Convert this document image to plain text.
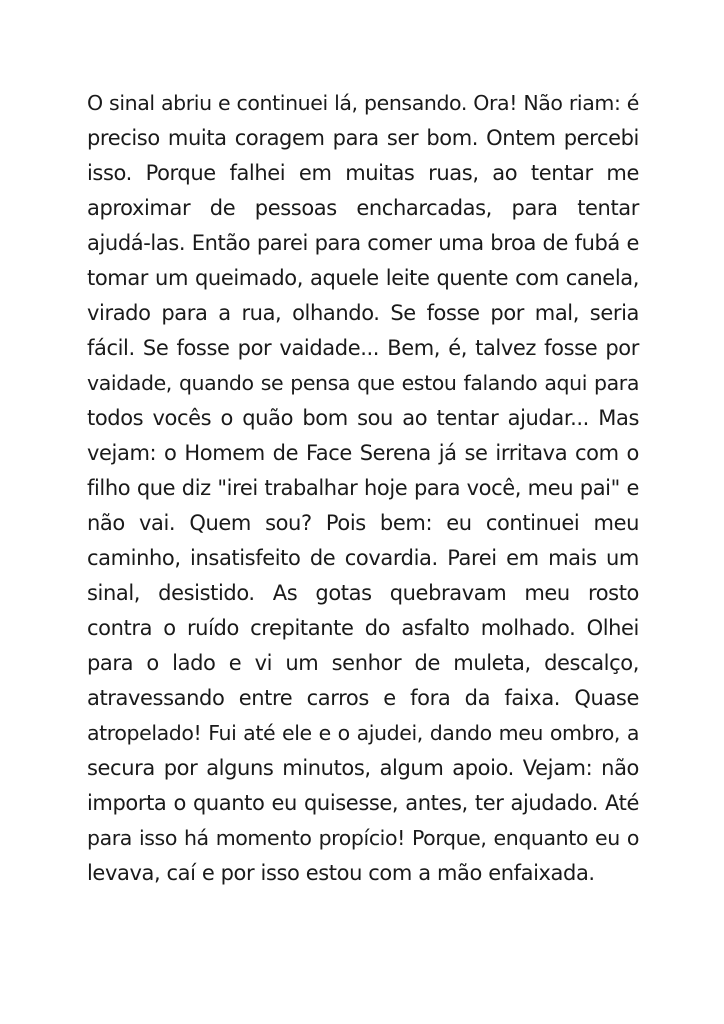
O sinal abriu e continuei lá, pensando. Ora! Não riam: é
preciso muita coragem para ser bom. Ontem percebi
isso. Porque falhei em muitas ruas, ao tentar me
aproximar de pessoas encharcadas, para tentar
ajudá-las. Então parei para comer uma broa de fubá e
tomar um queimado, aquele leite quente com canela,
virado para a rua, olhando. Se fosse por mal, seria
fácil. Se fosse por vaidade... Bem, é, talvez fosse por
vaidade, quando se pensa que estou falando aqui para
todos vocês o quão bom sou ao tentar ajudar... Mas
vejam: o Homem de Face Serena já se irritava com o
filho que diz "irei trabalhar hoje para você, meu pai" e
não vai. Quem sou? Pois bem: eu continuei meu
caminho, insatisfeito de covardia. Parei em mais um
sinal, desistido. As gotas quebravam meu rosto
contra o ruído crepitante do asfalto molhado. Olhei
para o lado e vi um senhor de muleta, descalço,
atravessando entre carros e fora da faixa. Quase
atropelado! Fui até ele e o ajudei, dando meu ombro, a
secura por alguns minutos, algum apoio. Vejam: não
importa o quanto eu quisesse, antes, ter ajudado. Até
para isso há momento propício! Porque, enquanto eu o
levava, caí e por isso estou com a mão enfaixada.
